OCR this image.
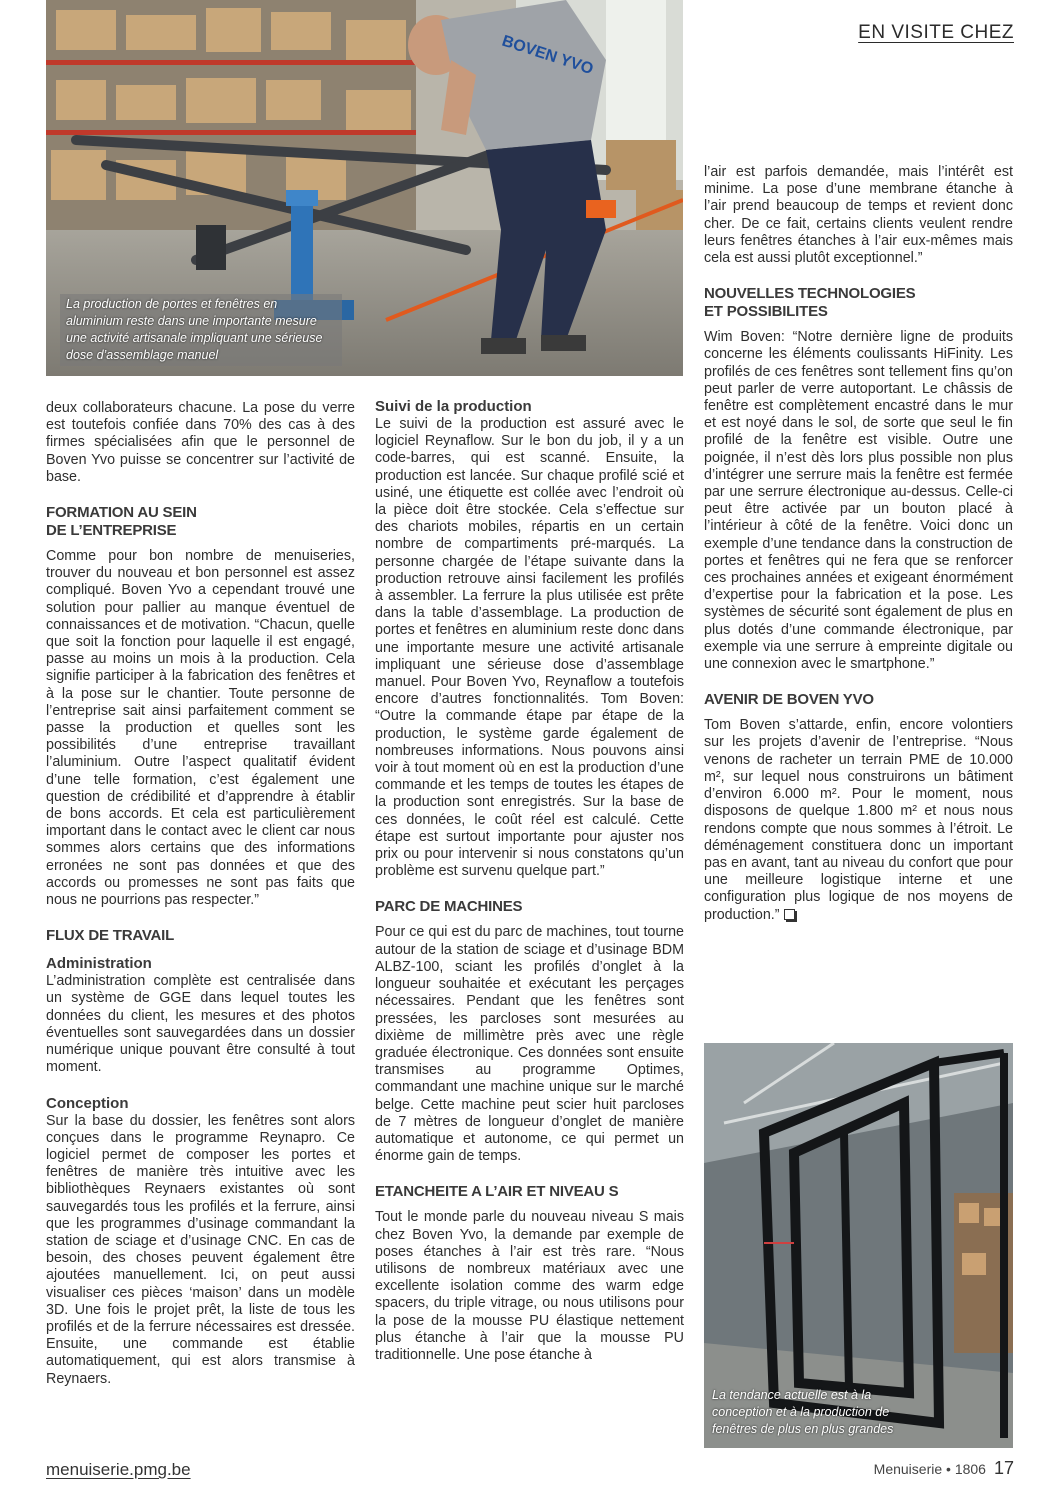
EN VISITE CHEZ
BOVEN YVO
La production de portes et fenêtres en aluminium reste dans une importante mesure une activité artisanale impliquant une sérieuse dose d’assemblage manuel

deux collaborateurs chacune. La pose du verre est toutefois confiée dans 70% des cas à des firmes spécialisées afin que le personnel de Boven Yvo puisse se concentrer sur l’activité de base.

FORMATION AU SEIN
DE L’ENTREPRISE

Comme pour bon nombre de menuiseries, trouver du nouveau et bon personnel est assez compliqué. Boven Yvo a cependant trouvé une solution pour pallier au manque éventuel de connaissances et de motivation. “Chacun, quelle que soit la fonction pour laquelle il est engagé, passe au moins un mois à la production. Cela signifie participer à la fabrication des fenêtres et à la pose sur le chantier. Toute personne de l’entreprise sait ainsi parfaitement comment se passe la production et quelles sont les possibilités d’une entreprise travaillant l’aluminium. Outre l’aspect qualitatif évident d’une telle formation, c’est également une question de crédibilité et d’apprendre à établir de bons accords. Et cela est particulièrement important dans le contact avec le client car nous sommes alors certains que des informations erronées ne sont pas données et que des accords ou promesses ne sont pas faits que nous ne pourrions pas respecter.”

FLUX DE TRAVAIL
Administration

L’administration complète est centralisée dans un système de GGE dans lequel toutes les données du client, les mesures et des photos éventuelles sont sauvegardées dans un dossier numérique unique pouvant être consulté à tout moment.

Conception

Sur la base du dossier, les fenêtres sont alors conçues dans le programme Reynapro. Ce logiciel permet de composer les portes et fenêtres de manière très intuitive avec les bibliothèques Reynaers existantes où sont sauvegardés tous les profilés et la ferrure, ainsi que les programmes d’usinage commandant la station de sciage et d’usinage CNC. En cas de besoin, des choses peuvent également être ajoutées manuellement. Ici, on peut aussi visualiser ces pièces ‘maison’ dans un modèle 3D. Une fois le projet prêt, la liste de tous les profilés et de la ferrure nécessaires est dressée. Ensuite, une commande est établie automatiquement, qui est alors transmise à Reynaers.

Suivi de la production

Le suivi de la production est assuré avec le logiciel Reynaflow. Sur le bon du job, il y a un code-barres, qui est scanné. Ensuite, la production est lancée. Sur chaque profilé scié et usiné, une étiquette est collée avec l’endroit où la pièce doit être stockée. Cela s’effectue sur des chariots mobiles, répartis en un certain nombre de compartiments pré-marqués. La personne chargée de l’étape suivante dans la production retrouve ainsi facilement les profilés à assembler. La ferrure la plus utilisée est prête dans la table d’assemblage. La production de portes et fenêtres en aluminium reste donc dans une importante mesure une activité artisanale impliquant une sérieuse dose d’assemblage manuel. Pour Boven Yvo, Reynaflow a toutefois encore d’autres fonctionnalités. Tom Boven: “Outre la commande étape par étape de la production, le système garde également de nombreuses informations. Nous pouvons ainsi voir à tout moment où en est la production d’une commande et les temps de toutes les étapes de la production sont enregistrés. Sur la base de ces données, le coût réel est calculé. Cette étape est surtout importante pour ajuster nos prix ou pour intervenir si nous constatons qu’un problème est survenu quelque part.”

PARC DE MACHINES

Pour ce qui est du parc de machines, tout tourne autour de la station de sciage et d’usinage BDM ALBZ-100, sciant les profilés d’onglet à la longueur souhaitée et exécutant les perçages nécessaires. Pendant que les fenêtres sont pressées, les parcloses sont mesurées au dixième de millimètre près avec une règle graduée électronique. Ces données sont ensuite transmises au programme Optimes, commandant une machine unique sur le marché belge. Cette machine peut scier huit parcloses de 7 mètres de longueur d’onglet de manière automatique et autonome, ce qui permet un énorme gain de temps.

ETANCHEITE A L’AIR ET NIVEAU S

Tout le monde parle du nouveau niveau S mais chez Boven Yvo, la demande par exemple de poses étanches à l’air est très rare. “Nous utilisons de nombreux matériaux avec une excellente isolation comme des warm edge spacers, du triple vitrage, ou nous utilisons pour la pose de la mousse PU élastique nettement plus étanche à l’air que la mousse PU traditionnelle. Une pose étanche à

l’air est parfois demandée, mais l’intérêt est minime. La pose d’une membrane étanche à l’air prend beaucoup de temps et revient donc cher. De ce fait, certains clients veulent rendre leurs fenêtres étanches à l’air eux-mêmes mais cela est aussi plutôt exceptionnel.”

NOUVELLES TECHNOLOGIES
ET POSSIBILITES

Wim Boven: “Notre dernière ligne de produits concerne les éléments coulissants HiFinity. Les profilés de ces fenêtres sont tellement fins qu’on peut parler de verre autoportant. Le châssis de fenêtre est complètement encastré dans le mur et est noyé dans le sol, de sorte que seul le fin profilé de la fenêtre est visible. Outre une poignée, il n’est dès lors plus possible non plus d’intégrer une serrure mais la fenêtre est fermée par une serrure électronique au-dessus. Celle-ci peut être activée par un bouton placé à l’intérieur à côté de la fenêtre. Voici donc un exemple d’une tendance dans la construction de portes et fenêtres qui ne fera que se renforcer ces prochaines années et exigeant énormément d’expertise pour la fabrication et la pose. Les systèmes de sécurité sont également de plus en plus dotés d’une commande électronique, par exemple via une serrure à empreinte digitale ou une connexion avec le smartphone.”

AVENIR DE BOVEN YVO

Tom Boven s’attarde, enfin, encore volontiers sur les projets d’avenir de l’entreprise. “Nous venons de racheter un terrain PME de 10.000 m², sur lequel nous construirons un bâtiment d’environ 6.000 m². Pour le moment, nous disposons de quelque 1.800 m² et nous nous rendons compte que nous sommes à l’étroit. Le déménagement constituera donc un important pas en avant, tant au niveau du confort que pour une meilleure logistique interne et une configuration plus logique de nos moyens de production.”

La tendance actuelle est à la conception et à la production de fenêtres de plus en plus grandes
menuiserie.pmg.be	Menuiserie • 1806 17
